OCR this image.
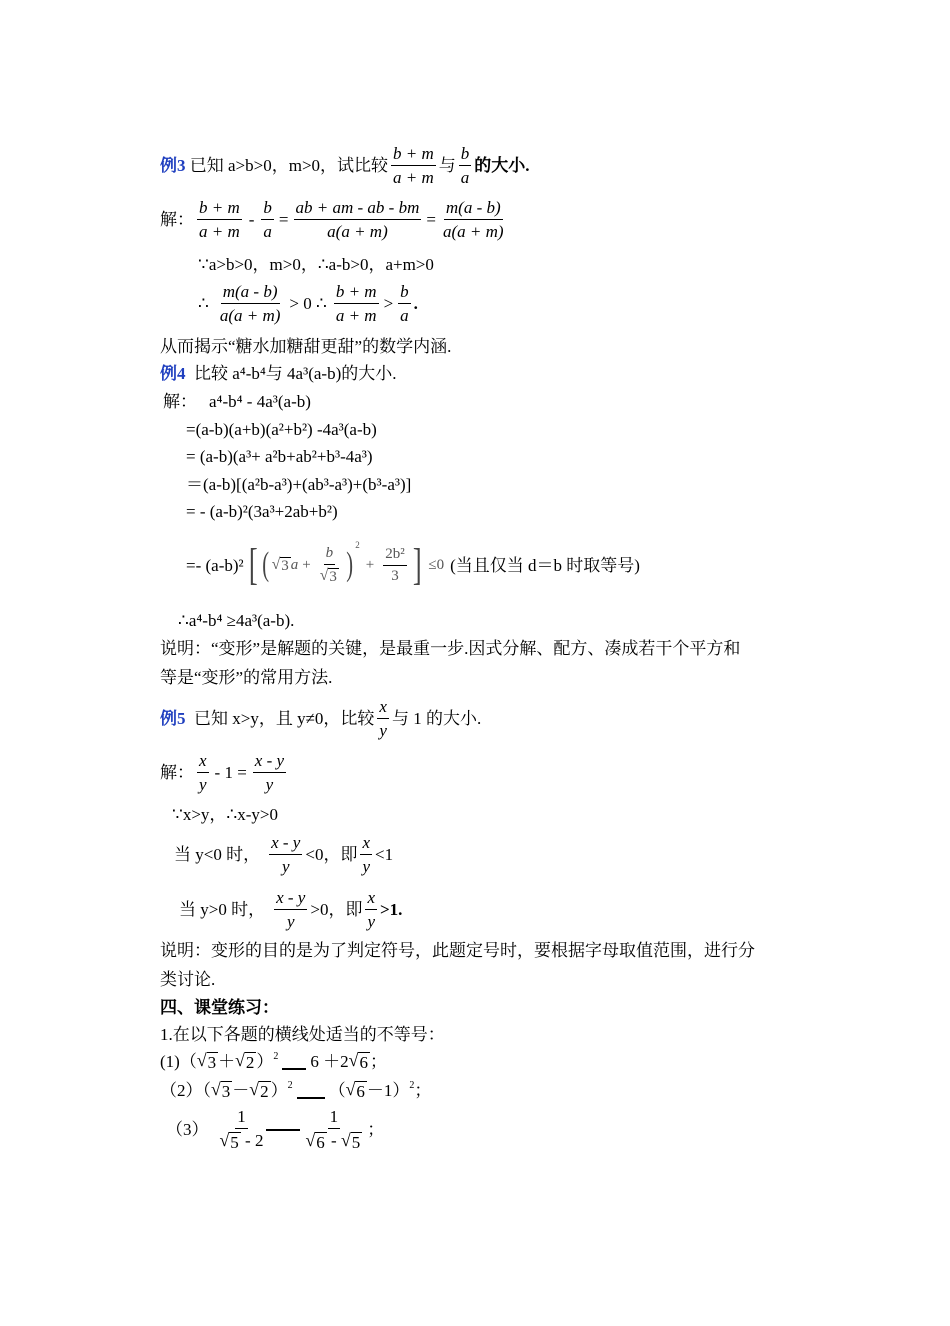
例3
已知 a>b>0，m>0，试比较 $\frac{b + m}{a + m}$ 与 $\frac{b}{a}$ 的大小.
解： $\frac{b + m}{a + m} - \frac{b}{a} = \frac{ab + am - ab - bm}{a(a + m)} = \frac{m(a - b)}{a(a + m)}$
∵a>b>0，m>0，∴a-b>0，a+m>0
∴ $\frac{m(a - b)}{a(a + m)} > 0$ ∴ $\frac{b + m}{a + m} > \frac{b}{a}$ .
从而揭示“糖水加糖甜更甜”的数学内涵.
例4
比较 a⁴-b⁴与 4a³(a-b)的大小.
解： a⁴-b⁴ - 4a³(a-b)
=(a-b)(a+b)(a²+b²) -4a³(a-b)
= (a-b)(a³+ a²b+ab²+b³-4a³)
＝(a-b)[(a²b-a³)+(ab³-a³)+(b³-a³)]
= - (a-b)²(3a³+2ab+b²)
=- (a-b)² [ ( √ 3 $a + \frac{b}{√ 3}$ )
2
+ $\frac{\text{2b²}}{3}$ ] ≤0 (当且仅当 d＝b 时取等号)
∴a⁴-b⁴ ≥4a³(a-b).
说明：“变形”是解题的关键，是最重一步.因式分解、配方、凑成若干个平方和
等是“变形”的常用方法.
例5
已知 x>y，且 y≠0，比较 $\frac{x}{y}$ 与 1 的大小.
解： $\frac{x}{y} - 1 = \frac{x - y}{y}$
∵x>y，∴x-y>0
当 y<0 时， $\frac{x - y}{y} <0$，即 $\frac{x}{y} <1$
当 y>0 时， $\frac{x - y}{y} >0$，即 $\frac{x}{y} >1$.
说明：变形的目的是为了判定符号，此题定号时，要根据字母取值范围，进行分
类讨论.
四、课堂练习：
1.在以下各题的横线处适当的不等号：
(1)（ √ 3 ＋ √ 2 ） 2 6 ＋2 √ 6 ；
（2）（ √ 3 － √ 2 ） 2 （ √ 6 －1） 2 ；
$(3) \frac{1}{√ 5 - 2} \frac{1}{√ 6 - √ 5}$ ；
